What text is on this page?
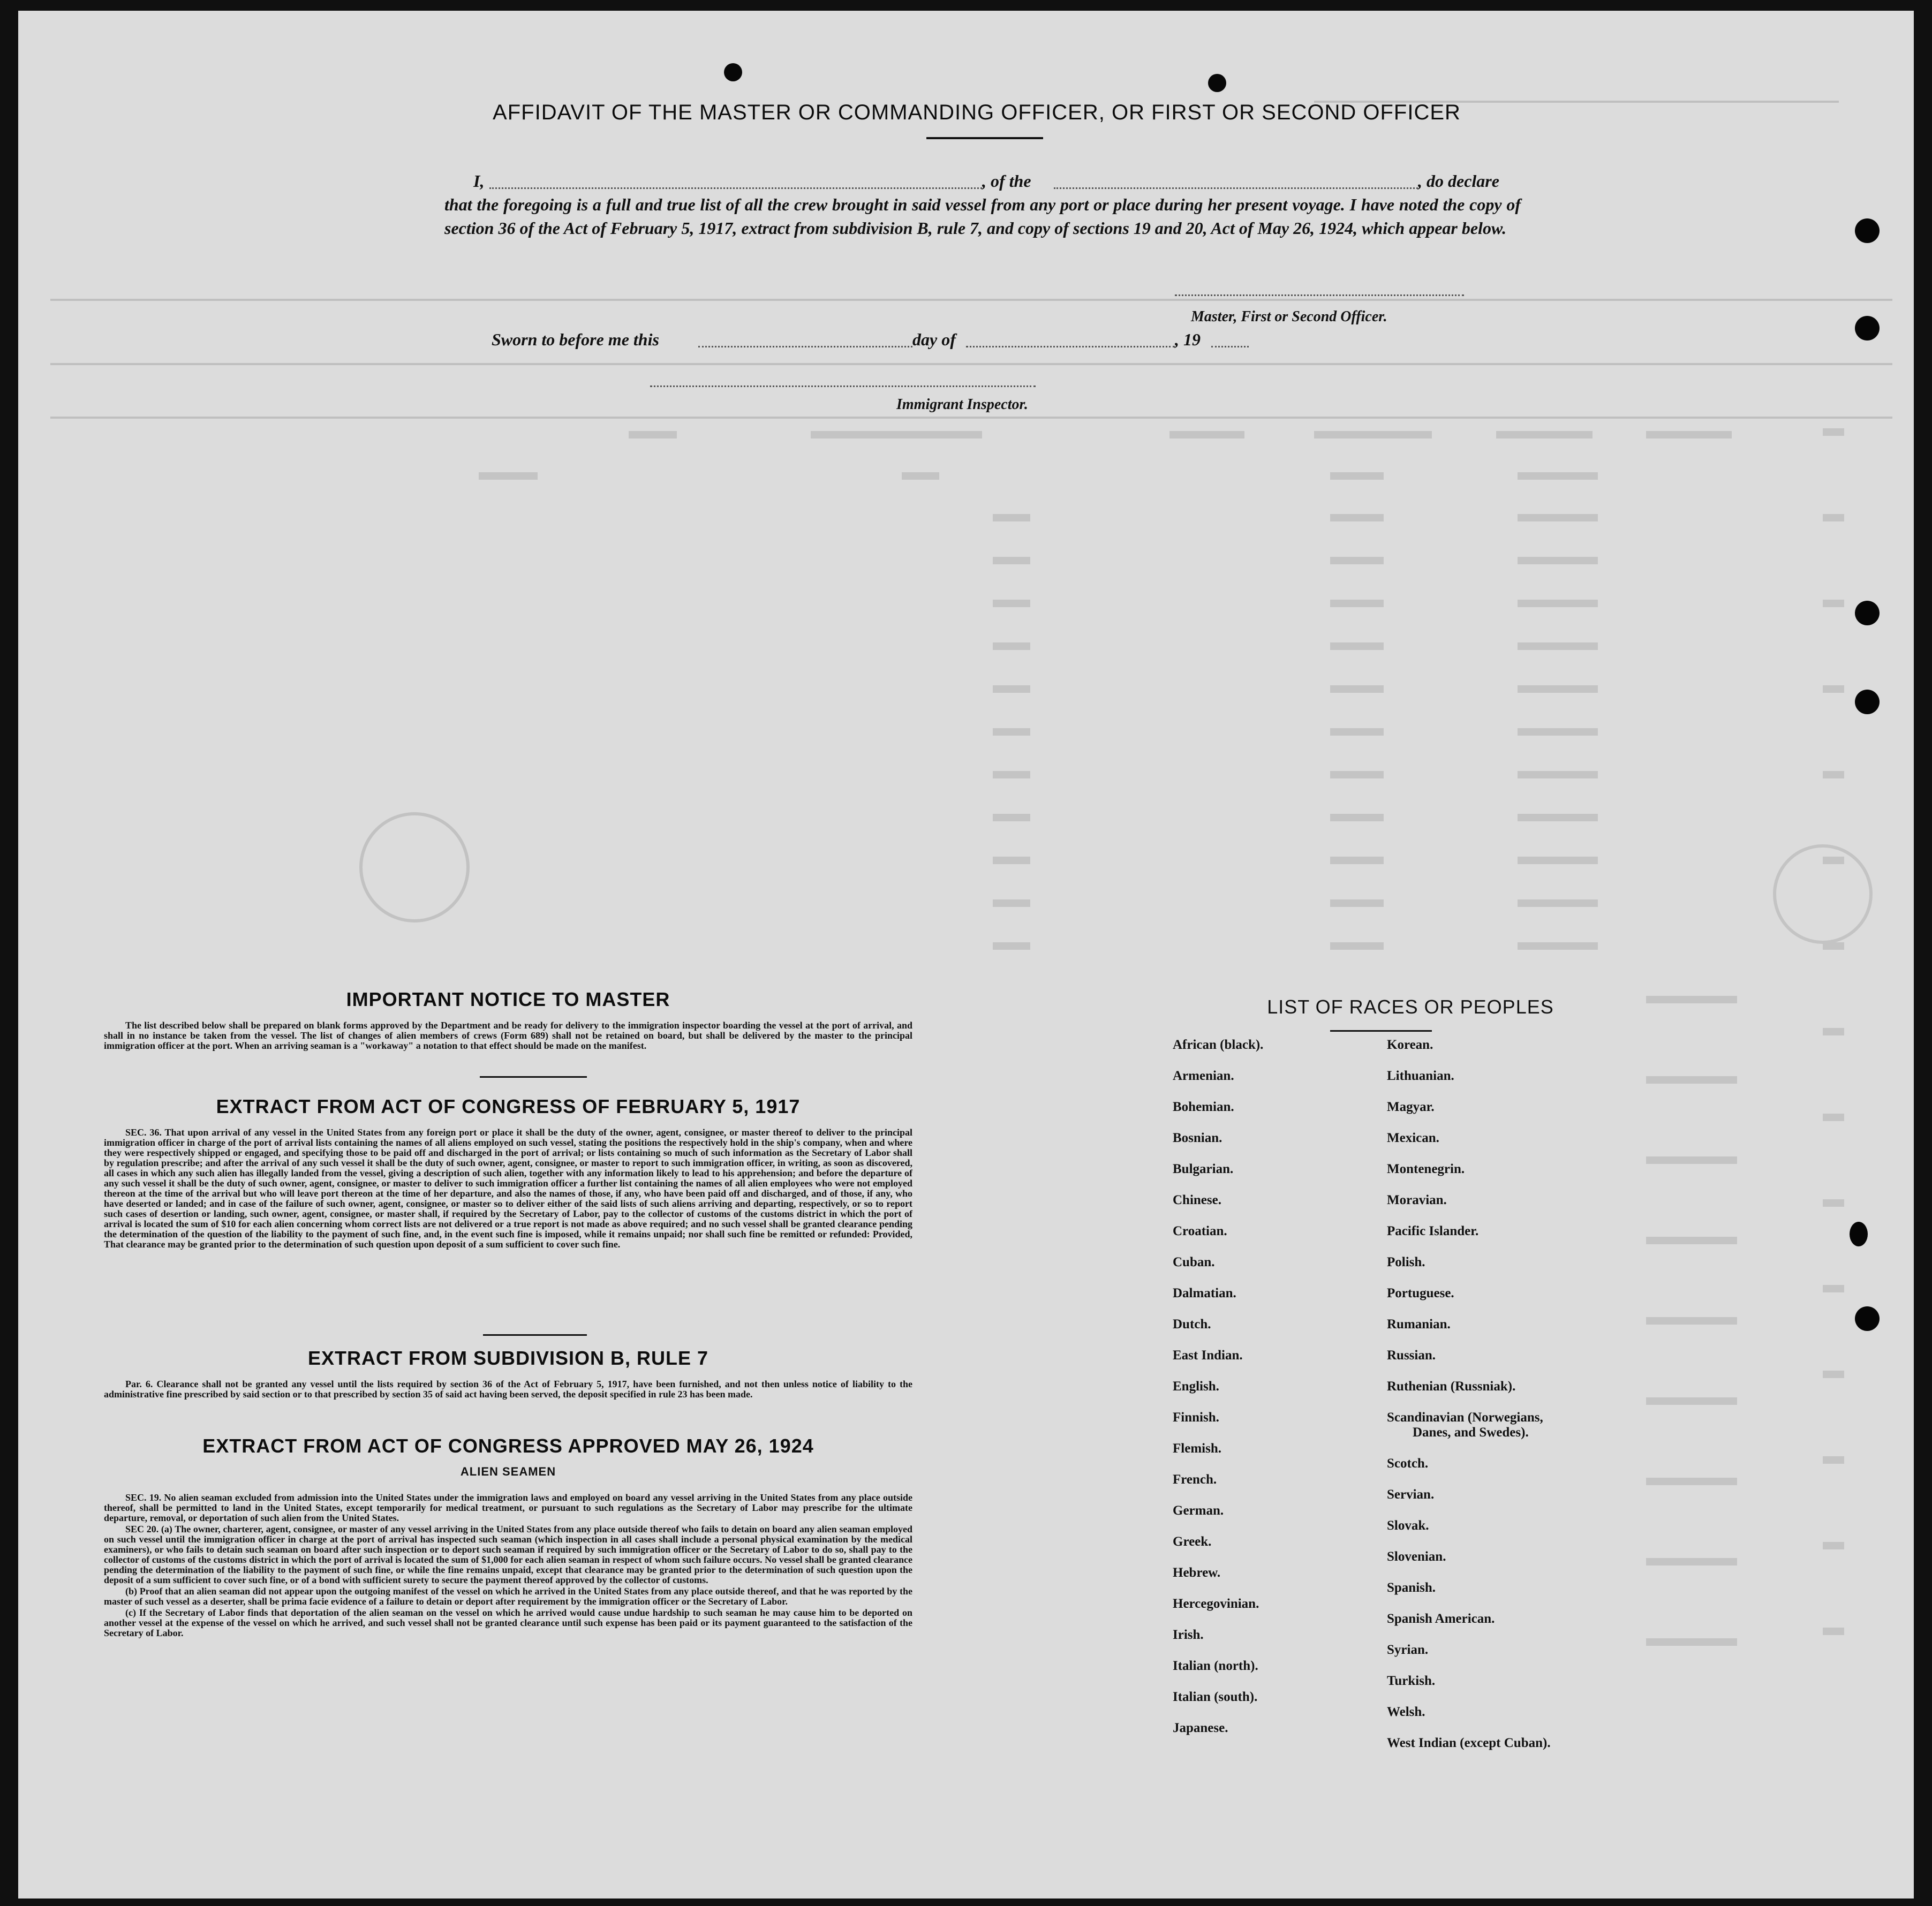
AFFIDAVIT OF THE MASTER OR COMMANDING OFFICER, OR FIRST OR SECOND OFFICER
I,	, of the	, do declare
that the foregoing is a full and true list of all the crew brought in said vessel from any port or place during her present voyage. I have noted the copy of section 36 of the Act of February 5, 1917, extract from subdivision B, rule 7, and copy of sections 19 and 20, Act of May 26, 1924, which appear below.
Master, First or Second Officer.
Sworn to before me this	day of	, 19
Immigrant Inspector.
IMPORTANT NOTICE TO MASTER

The list described below shall be prepared on blank forms approved by the Department and be ready for delivery to the immigration inspector boarding the vessel at the port of arrival, and shall in no instance be taken from the vessel. The list of changes of alien members of crews (Form 689) shall not be retained on board, but shall be delivered by the master to the principal immigration officer at the port. When an arriving seaman is a "workaway" a notation to that effect should be made on the manifest.

EXTRACT FROM ACT OF CONGRESS OF FEBRUARY 5, 1917

SEC. 36. That upon arrival of any vessel in the United States from any foreign port or place it shall be the duty of the owner, agent, consignee, or master thereof to deliver to the principal immigration officer in charge of the port of arrival lists containing the names of all aliens employed on such vessel, stating the positions the respectively hold in the ship's company, when and where they were respectively shipped or engaged, and specifying those to be paid off and discharged in the port of arrival; or lists containing so much of such information as the Secretary of Labor shall by regulation prescribe; and after the arrival of any such vessel it shall be the duty of such owner, agent, consignee, or master to report to such immigration officer, in writing, as soon as discovered, all cases in which any such alien has illegally landed from the vessel, giving a description of such alien, together with any information likely to lead to his apprehension; and before the departure of any such vessel it shall be the duty of such owner, agent, consignee, or master to deliver to such immigration officer a further list containing the names of all alien employees who were not employed thereon at the time of the arrival but who will leave port thereon at the time of her departure, and also the names of those, if any, who have been paid off and discharged, and of those, if any, who have deserted or landed; and in case of the failure of such owner, agent, consignee, or master so to deliver either of the said lists of such aliens arriving and departing, respectively, or so to report such cases of desertion or landing, such owner, agent, consignee, or master shall, if required by the Secretary of Labor, pay to the collector of customs of the customs district in which the port of arrival is located the sum of $10 for each alien concerning whom correct lists are not delivered or a true report is not made as above required; and no such vessel shall be granted clearance pending the determination of the question of the liability to the payment of such fine, and, in the event such fine is imposed, while it remains unpaid; nor shall such fine be remitted or refunded: Provided, That clearance may be granted prior to the determination of such question upon deposit of a sum sufficient to cover such fine.

EXTRACT FROM SUBDIVISION B, RULE 7

Par. 6. Clearance shall not be granted any vessel until the lists required by section 36 of the Act of February 5, 1917, have been furnished, and not then unless notice of liability to the administrative fine prescribed by said section or to that prescribed by section 35 of said act having been served, the deposit specified in rule 23 has been made.

EXTRACT FROM ACT OF CONGRESS APPROVED MAY 26, 1924
ALIEN SEAMEN

SEC. 19. No alien seaman excluded from admission into the United States under the immigration laws and employed on board any vessel arriving in the United States from any place outside thereof, shall be permitted to land in the United States, except temporarily for medical treatment, or pursuant to such regulations as the Secretary of Labor may prescribe for the ultimate departure, removal, or deportation of such alien from the United States.

SEC 20. (a) The owner, charterer, agent, consignee, or master of any vessel arriving in the United States from any place outside thereof who fails to detain on board any alien seaman employed on such vessel until the immigration officer in charge at the port of arrival has inspected such seaman (which inspection in all cases shall include a personal physical examination by the medical examiners), or who fails to detain such seaman on board after such inspection or to deport such seaman if required by such immigration officer or the Secretary of Labor to do so, shall pay to the collector of customs of the customs district in which the port of arrival is located the sum of $1,000 for each alien seaman in respect of whom such failure occurs. No vessel shall be granted clearance pending the determination of the liability to the payment of such fine, or while the fine remains unpaid, except that clearance may be granted prior to the determination of such question upon the deposit of a sum sufficient to cover such fine, or of a bond with sufficient surety to secure the payment thereof approved by the collector of customs.

(b) Proof that an alien seaman did not appear upon the outgoing manifest of the vessel on which he arrived in the United States from any place outside thereof, and that he was reported by the master of such vessel as a deserter, shall be prima facie evidence of a failure to detain or deport after requirement by the immigration officer or the Secretary of Labor.

(c) If the Secretary of Labor finds that deportation of the alien seaman on the vessel on which he arrived would cause undue hardship to such seaman he may cause him to be deported on another vessel at the expense of the vessel on which he arrived, and such vessel shall not be granted clearance until such expense has been paid or its payment guaranteed to the satisfaction of the Secretary of Labor.

LIST OF RACES OR PEOPLES
African (black).
Armenian.
Bohemian.
Bosnian.
Bulgarian.
Chinese.
Croatian.
Cuban.
Dalmatian.
Dutch.
East Indian.
English.
Finnish.
Flemish.
French.
German.
Greek.
Hebrew.
Hercegovinian.
Irish.
Italian (north).
Italian (south).
Japanese.
Korean.
Lithuanian.
Magyar.
Mexican.
Montenegrin.
Moravian.
Pacific Islander.
Polish.
Portuguese.
Rumanian.
Russian.
Ruthenian (Russniak).
Scandinavian (Norwegians,
Danes, and Swedes).
Scotch.
Servian.
Slovak.
Slovenian.
Spanish.
Spanish American.
Syrian.
Turkish.
Welsh.
West Indian (except Cuban).
